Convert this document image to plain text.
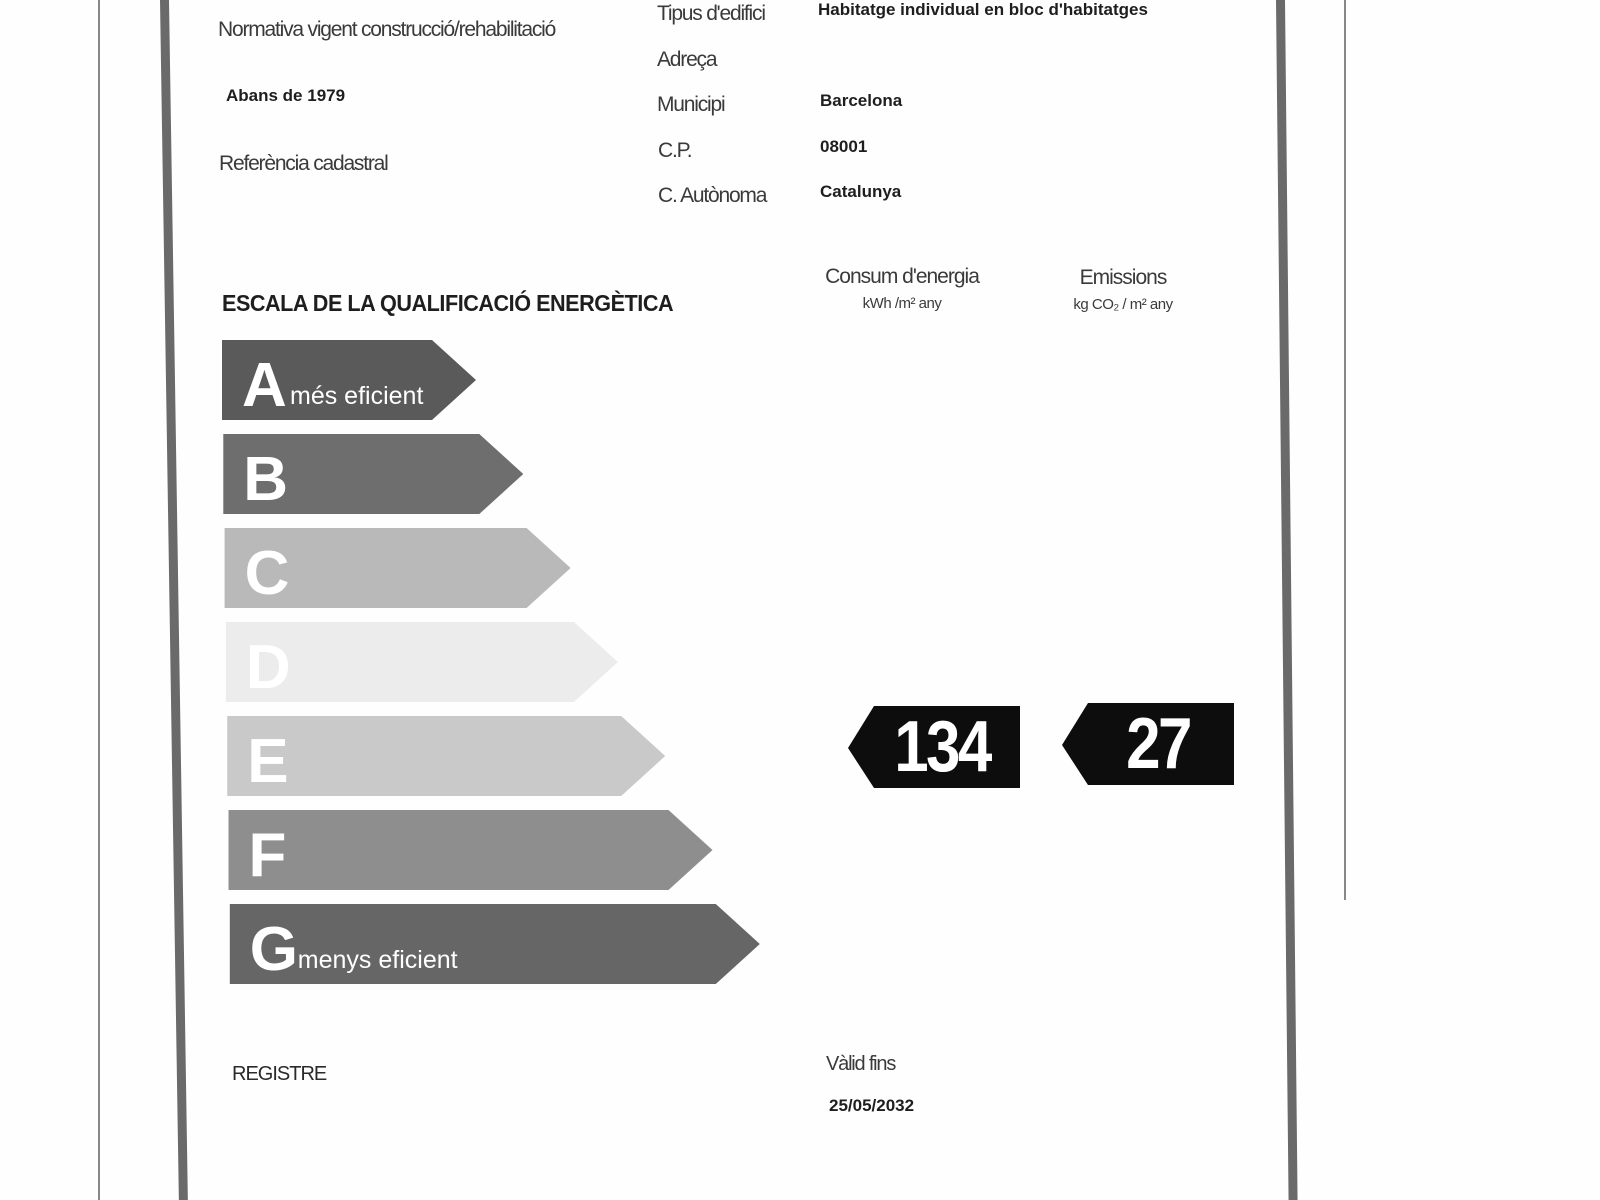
Normativa vigent construcció/rehabilitació
Abans de 1979
Referència cadastral
Tipus d'edifici	Habitatge individual en bloc d'habitatges
Adreça
Municipi	Barcelona
C.P.	08001
C. Autònoma	Catalunya
ESCALA DE LA QUALIFICACIÓ ENERGÈTICA
Consum d'energia
kWh /m² any
Emissions
kg CO₂ / m² any
A més eficient
B
C
D
E
F
G menys eficient
134	27
REGISTRE	Vàlid fins
25/05/2032
